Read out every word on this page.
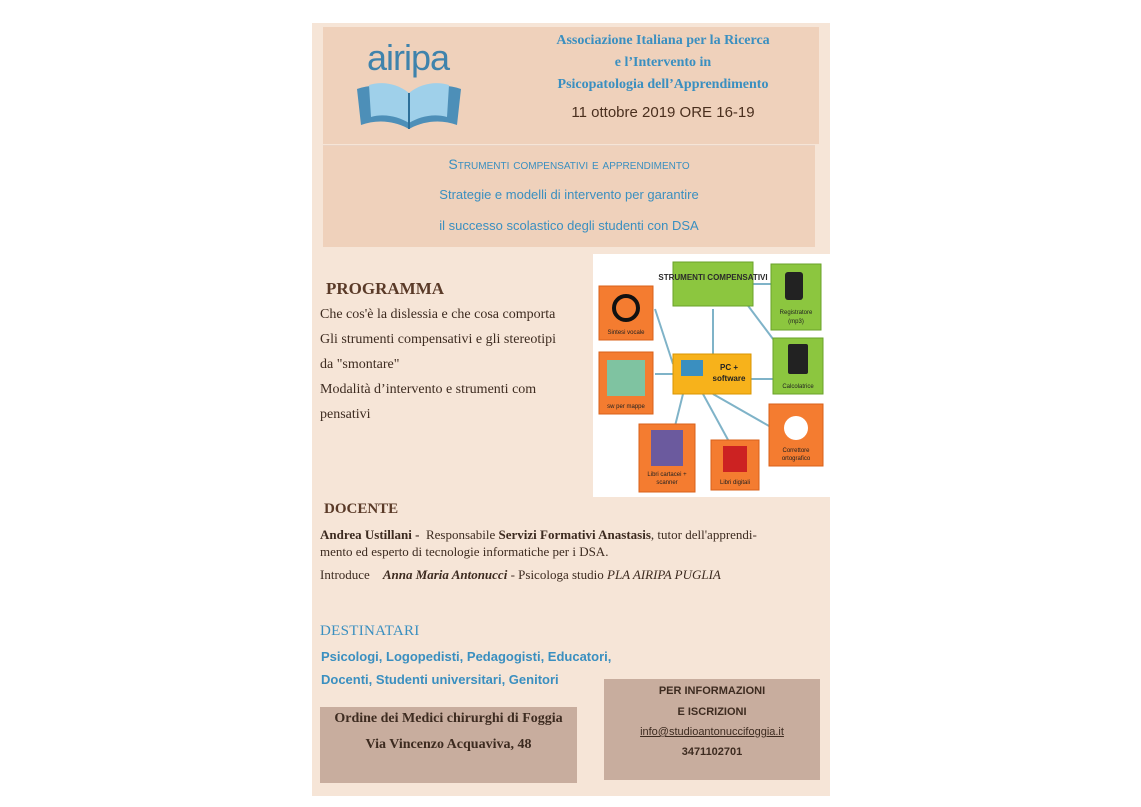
airipa	Associazione Italiana per la Ricerca
e l’Intervento in
Psicopatologia dell’Apprendimento
11 ottobre 2019 ORE 16-19
Strumenti compensativi e apprendimento
Strategie e modelli di intervento per garantire
il successo scolastico degli studenti con DSA
PROGRAMMA
Che cos'è la dislessia e che cosa comporta
Gli strumenti compensativi e gli stereotipi
da "smontare"
Modalità d’intervento e strumenti com
pensativi
STRUMENTI COMPENSATIVI
Registratore
(mp3)
Calcolatrice
Sintesi vocale
PC +
software
sw per mappe
Correttore
ortografico
Libri cartacei +
scanner	Libri digitali
DOCENTE
Andrea Ustillani - Responsabile Servizi Formativi Anastasis, tutor dell'apprendi-
mento ed esperto di tecnologie informatiche per i DSA.
Introduce Anna Maria Antonucci - Psicologa studio PLA AIRIPA PUGLIA
DESTINATARI
Psicologi, Logopedisti, Pedagogisti, Educatori,
Docenti, Studenti universitari, Genitori
Ordine dei Medici chirurghi di Foggia
Via Vincenzo Acquaviva, 48
PER INFORMAZIONI
E ISCRIZIONI
info@studioantonuccifoggia.it
3471102701
